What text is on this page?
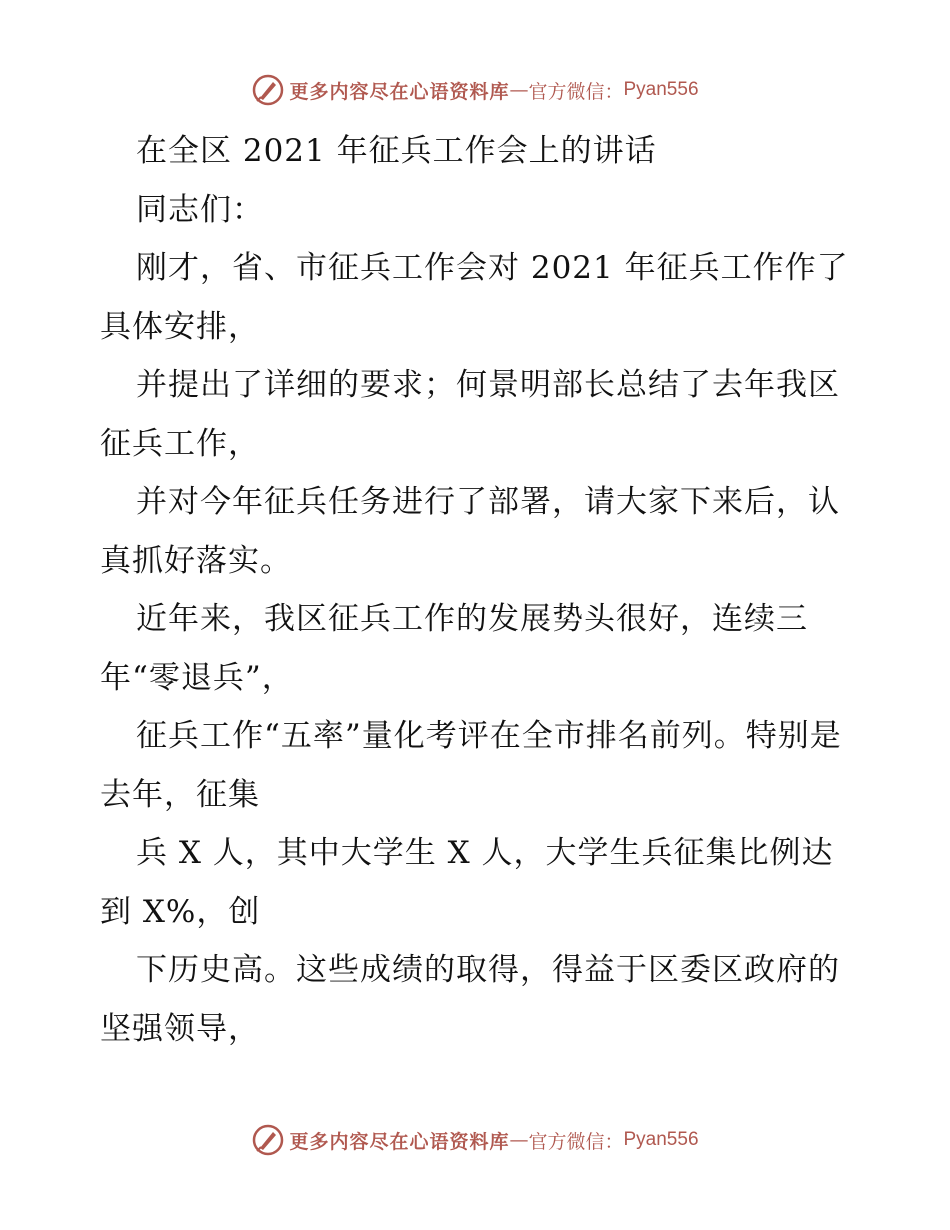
更多内容尽在心语资料库 — 官方微信： Pyan556

在全区 2021 年征兵工作会上的讲话

同志们：

刚才，省、市征兵工作会对 2021 年征兵工作作了具体安排，

并提出了详细的要求；何景明部长总结了去年我区征兵工作，

并对今年征兵任务进行了部署，请大家下来后，认真抓好落实。

近年来，我区征兵工作的发展势头很好，连续三年“零退兵”，

征兵工作“五率”量化考评在全市排名前列。特别是去年，征集

兵 X 人，其中大学生 X 人，大学生兵征集比例达到 X%，创

下历史高。这些成绩的取得，得益于区委区政府的坚强领导，

更多内容尽在心语资料库 — 官方微信： Pyan556
